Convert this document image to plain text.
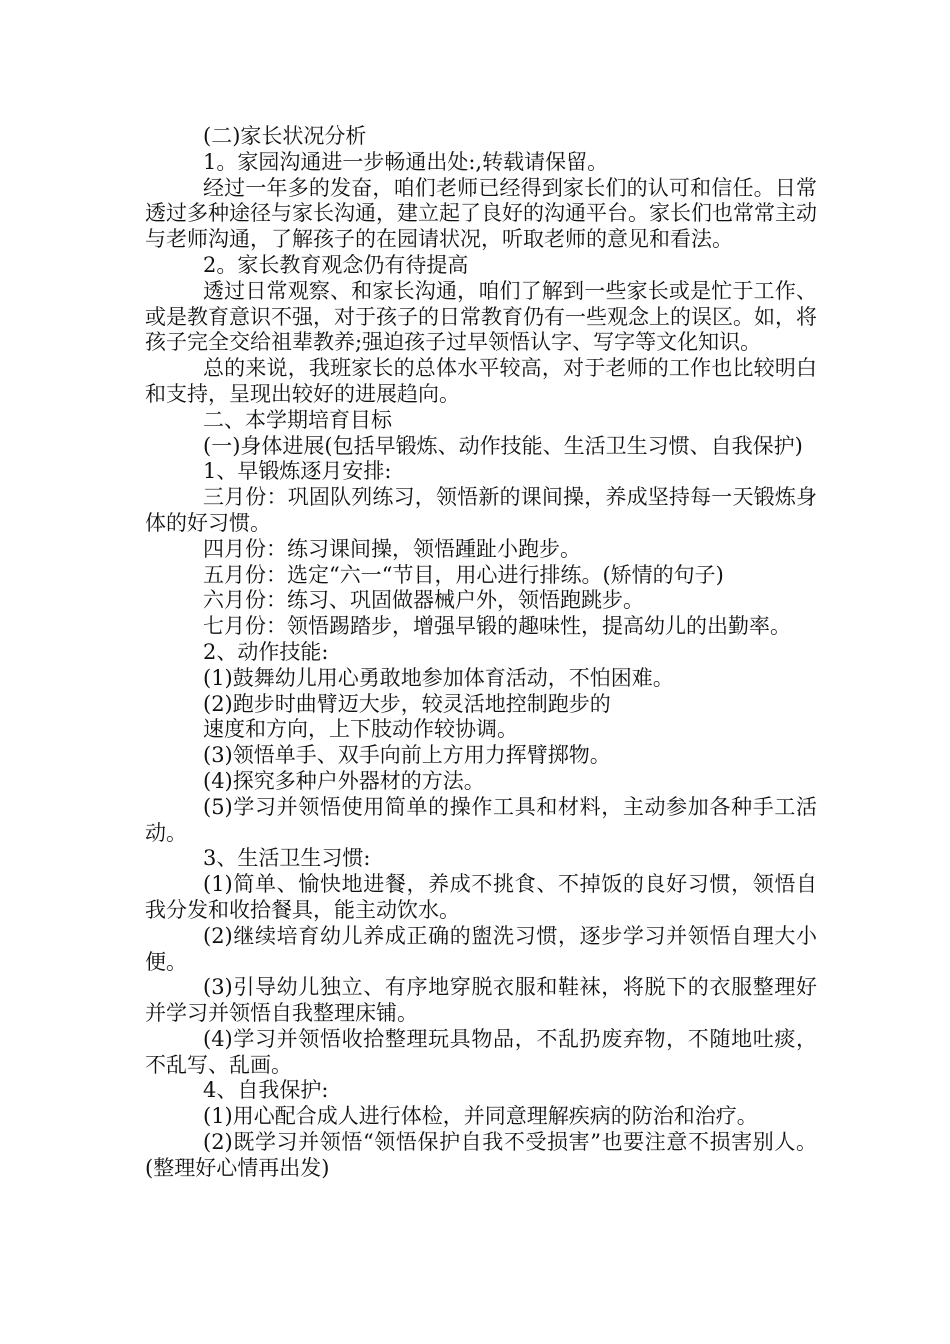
(二)家长状况分析

1。家园沟通进一步畅通出处:,转载请保留。

经过一年多的发奋，咱们老师已经得到家长们的认可和信任。日常透过多种途径与家长沟通，建立起了良好的沟通平台。家长们也常常主动与老师沟通，了解孩子的在园请状况，听取老师的意见和看法。

2。家长教育观念仍有待提高

透过日常观察、和家长沟通，咱们了解到一些家长或是忙于工作、或是教育意识不强，对于孩子的日常教育仍有一些观念上的误区。如，将孩子完全交给祖辈教养;强迫孩子过早领悟认字、写字等文化知识。

总的来说，我班家长的总体水平较高，对于老师的工作也比较明白和支持，呈现出较好的进展趋向。

二、本学期培育目标

(一)身体进展(包括早锻炼、动作技能、生活卫生习惯、自我保护)

1、早锻炼逐月安排:

三月份：巩固队列练习，领悟新的课间操，养成坚持每一天锻炼身体的好习惯。

四月份：练习课间操，领悟踵趾小跑步。

五月份：选定“六一“节目，用心进行排练。(矫情的句子)

六月份：练习、巩固做器械户外，领悟跑跳步。

七月份：领悟踢踏步，增强早锻的趣味性，提高幼儿的出勤率。

2、动作技能:

(1)鼓舞幼儿用心勇敢地参加体育活动，不怕困难。

(2)跑步时曲臂迈大步，较灵活地控制跑步的

速度和方向，上下肢动作较协调。

(3)领悟单手、双手向前上方用力挥臂掷物。

(4)探究多种户外器材的方法。

(5)学习并领悟使用简单的操作工具和材料，主动参加各种手工活动。

3、生活卫生习惯:

(1)简单、愉快地进餐，养成不挑食、不掉饭的良好习惯，领悟自我分发和收拾餐具，能主动饮水。

(2)继续培育幼儿养成正确的盥洗习惯，逐步学习并领悟自理大小便。

(3)引导幼儿独立、有序地穿脱衣服和鞋袜，将脱下的衣服整理好并学习并领悟自我整理床铺。

(4)学习并领悟收拾整理玩具物品，不乱扔废弃物，不随地吐痰，不乱写、乱画。

4、自我保护:

(1)用心配合成人进行体检，并同意理解疾病的防治和治疗。

(2)既学习并领悟“领悟保护自我不受损害”也要注意不损害别人。(整理好心情再出发)
